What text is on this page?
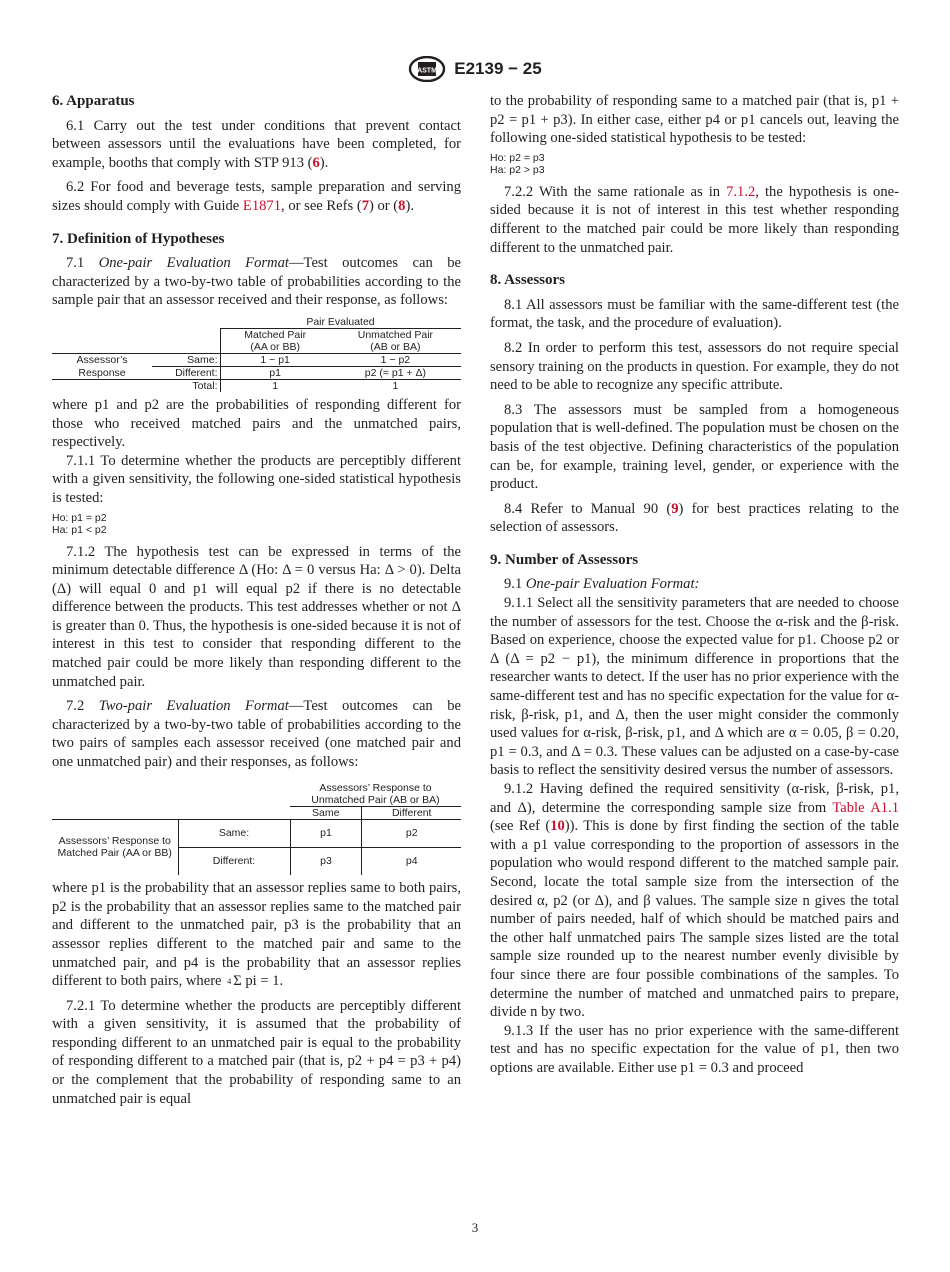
ASTM E2139 − 25
6. Apparatus

6.1 Carry out the test under conditions that prevent contact between assessors until the evaluations have been completed, for example, booths that comply with STP 913 (6).

6.2 For food and beverage tests, sample preparation and serving sizes should comply with Guide E1871, or see Refs (7) or (8).

7. Definition of Hypotheses

7.1 One-pair Evaluation Format—Test outcomes can be characterized by a two-by-two table of probabilities according to the sample pair that an assessor received and their response, as follows:

		Pair Evaluated	
		Matched Pair	Unmatched Pair
		(AA or BB)	(AB or BA)
Assessor’s	Same:	1 − p1	1 − p2
Response	Different:	p1	p2 (= p1 + Δ)
	Total:	1	1

where p1 and p2 are the probabilities of responding different for those who received matched pairs and the unmatched pairs, respectively.

7.1.1 To determine whether the products are perceptibly different with a given sensitivity, the following one-sided statistical hypothesis is tested:

Ho: p1 = p2
Ha: p1 < p2

7.1.2 The hypothesis test can be expressed in terms of the minimum detectable difference Δ (Ho: Δ = 0 versus Ha: Δ > 0). Delta (Δ) will equal 0 and p1 will equal p2 if there is no detectable difference between the products. This test addresses whether or not Δ is greater than 0. Thus, the hypothesis is one-sided because it is not of interest in this test to consider that responding different to the matched pair could be more likely than responding different to the unmatched pair.

7.2 Two-pair Evaluation Format—Test outcomes can be characterized by a two-by-two table of probabilities according to the two pairs of samples each assessor received (one matched pair and one unmatched pair) and their responses, as follows:

		Assessors’ Response to	
		Unmatched Pair (AB or BA)	
		Same	Different
Assessors’ Response to Matched Pair (AA or BB)	Same:	p1	p2
	Different:	p3	p4

where p1 is the probability that an assessor replies same to both pairs, p2 is the probability that an assessor replies same to the matched pair and different to the unmatched pair, p3 is the probability that an assessor replies different to the matched pair and same to the unmatched pair, and p4 is the probability that an assessor replies different to both pairs, where 4 Σ pi = 1.

7.2.1 To determine whether the products are perceptibly different with a given sensitivity, it is assumed that the probability of responding different to an unmatched pair is equal to the probability of responding different to a matched pair (that is, p2 + p4 = p3 + p4) or the complement that the probability of responding same to an unmatched pair is equal

to the probability of responding same to a matched pair (that is, p1 + p2 = p1 + p3). In either case, either p4 or p1 cancels out, leaving the following one-sided statistical hypothesis to be tested:

Ho: p2 = p3
Ha: p2 > p3

7.2.2 With the same rationale as in 7.1.2, the hypothesis is one-sided because it is not of interest in this test whether responding different to the matched pair could be more likely than responding different to the unmatched pair.

8. Assessors

8.1 All assessors must be familiar with the same-different test (the format, the task, and the procedure of evaluation).

8.2 In order to perform this test, assessors do not require special sensory training on the products in question. For example, they do not need to be able to recognize any specific attribute.

8.3 The assessors must be sampled from a homogeneous population that is well-defined. The population must be chosen on the basis of the test objective. Defining characteristics of the population can be, for example, training level, gender, or experience with the product.

8.4 Refer to Manual 90 (9) for best practices relating to the selection of assessors.

9. Number of Assessors

9.1 One-pair Evaluation Format:

9.1.1 Select all the sensitivity parameters that are needed to choose the number of assessors for the test. Choose the α-risk and the β-risk. Based on experience, choose the expected value for p1. Choose p2 or Δ (Δ = p2 − p1), the minimum difference in proportions that the researcher wants to detect. If the user has no prior experience with the same-different test and has no specific expectation for the value for α-risk, β-risk, p1, and Δ, then the user might consider the commonly used values for α-risk, β-risk, p1, and Δ which are α = 0.05, β = 0.20, p1 = 0.3, and Δ = 0.3. These values can be adjusted on a case-by-case basis to reflect the sensitivity desired versus the number of assessors.

9.1.2 Having defined the required sensitivity (α-risk, β-risk, p1, and Δ), determine the corresponding sample size from Table A1.1 (see Ref (10)). This is done by first finding the section of the table with a p1 value corresponding to the proportion of assessors in the population who would respond different to the matched sample pair. Second, locate the total sample size from the intersection of the desired α, p2 (or Δ), and β values. The sample size n gives the total number of pairs needed, half of which should be matched pairs and the other half unmatched pairs The sample sizes listed are the total sample size rounded up to the nearest number evenly divisible by four since there are four possible combinations of the samples. To determine the number of matched and unmatched pairs to prepare, divide n by two.

9.1.3 If the user has no prior experience with the same-different test and has no specific expectation for the value of p1, then two options are available. Either use p1 = 0.3 and proceed

3
